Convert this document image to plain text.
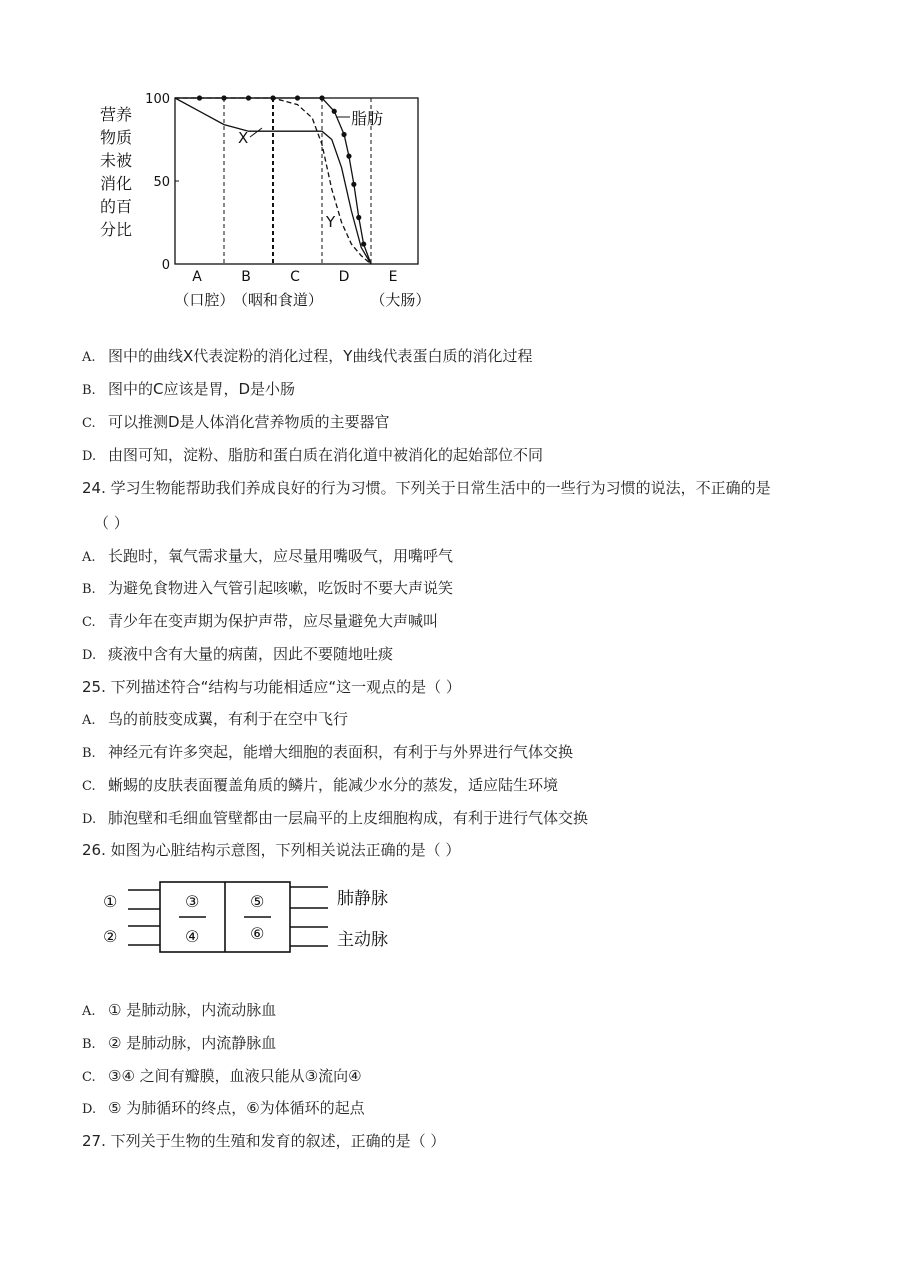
100
50
0
营养
物质
未被
消化
的百
分比
A	B	C	D	E
（口腔）
（咽和食道）	（大肠）
X
Y
脂肪
A. 图中的曲线X代表淀粉的消化过程，Y曲线代表蛋白质的消化过程
B. 图中的C应该是胃，D是小肠
C. 可以推测D是人体消化营养物质的主要器官
D. 由图可知，淀粉、脂肪和蛋白质在消化道中被消化的起始部位不同
24. 学习生物能帮助我们养成良好的行为习惯。下列关于日常生活中的一些行为习惯的说法，不正确的是
（ ）
A. 长跑时，氧气需求量大，应尽量用嘴吸气，用嘴呼气
B. 为避免食物进入气管引起咳嗽，吃饭时不要大声说笑
C. 青少年在变声期为保护声带，应尽量避免大声喊叫
D. 痰液中含有大量的病菌，因此不要随地吐痰
25. 下列描述符合“结构与功能相适应“这一观点的是（ ）
A. 鸟的前肢变成翼，有利于在空中飞行
B. 神经元有许多突起，能增大细胞的表面积，有利于与外界进行气体交换
C. 蜥蜴的皮肤表面覆盖角质的鳞片，能减少水分的蒸发，适应陆生环境
D. 肺泡壁和毛细血管壁都由一层扁平的上皮细胞构成，有利于进行气体交换
26. 如图为心脏结构示意图，下列相关说法正确的是（ ）
①
②
③
④
⑤
⑥
肺静脉
主动脉
A. ① 是肺动脉，内流动脉血
B. ② 是肺动脉，内流静脉血
C. ③④ 之间有瓣膜，血液只能从③流向④
D. ⑤ 为肺循环的终点，⑥为体循环的起点
27. 下列关于生物的生殖和发育的叙述，正确的是（ ）
